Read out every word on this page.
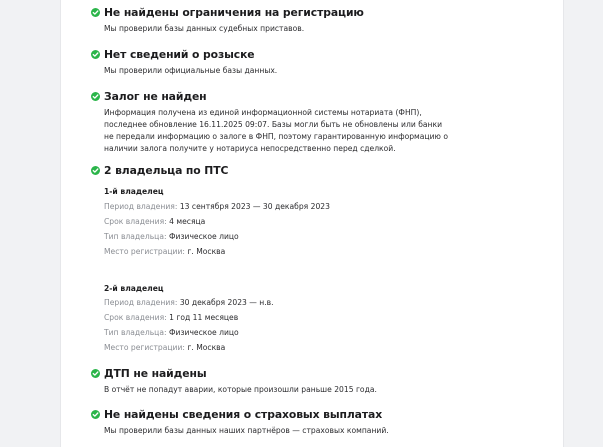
Не найдены ограничения на регистрацию
Мы проверили базы данных судебных приставов.
Нет сведений о розыске
Мы проверили официальные базы данных.
Залог не найден
Информация получена из единой информационной системы нотариата (ФНП), последнее обновление 16.11.2025 09:07. Базы могли быть не обновлены или банки не передали информацию о залоге в ФНП, поэтому гарантированную информацию о наличии залога получите у нотариуса непосредственно перед сделкой.
2 владельца по ПТС
1-й владелец
Период владения: 13 сентября 2023 — 30 декабря 2023
Срок владения: 4 месяца
Тип владельца: Физическое лицо
Место регистрации: г. Москва
2-й владелец
Период владения: 30 декабря 2023 — н.в.
Срок владения: 1 год 11 месяцев
Тип владельца: Физическое лицо
Место регистрации: г. Москва
ДТП не найдены
В отчёт не попадут аварии, которые произошли раньше 2015 года.
Не найдены сведения о страховых выплатах
Мы проверили базы данных наших партнёров — страховых компаний.
